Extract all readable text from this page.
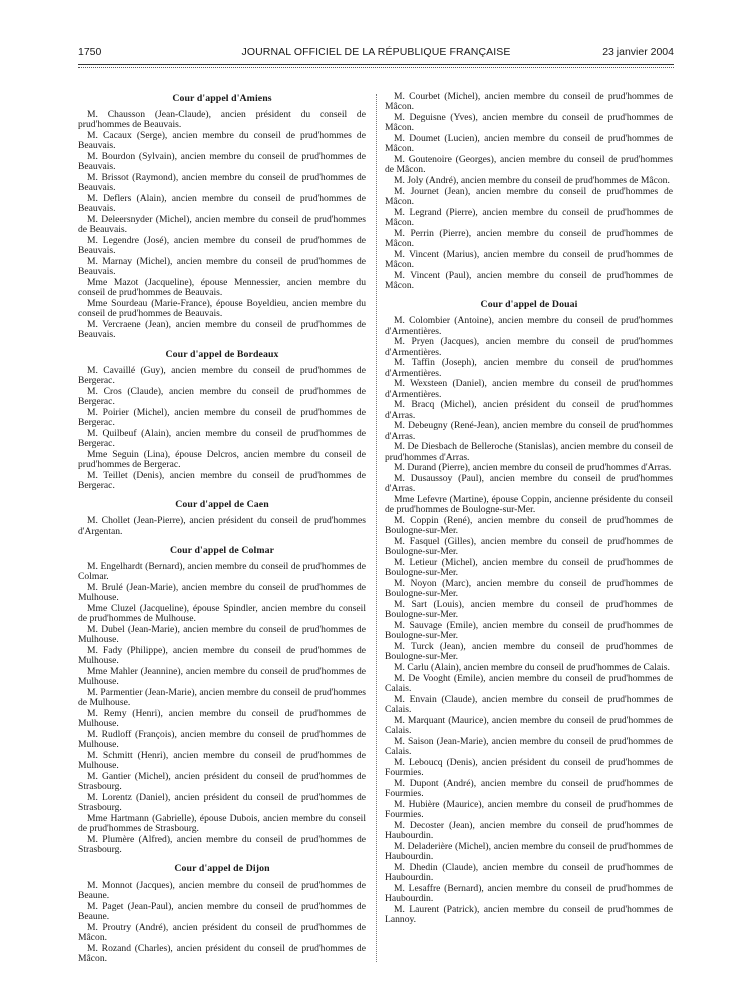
1750	JOURNAL OFFICIEL DE LA RÉPUBLIQUE FRANÇAISE	23 janvier 2004
Cour d'appel d'Amiens

M. Chausson (Jean-Claude), ancien président du conseil de prud'hommes de Beauvais.

M. Cacaux (Serge), ancien membre du conseil de prud'hommes de Beauvais.

M. Bourdon (Sylvain), ancien membre du conseil de prud'hommes de Beauvais.

M. Brissot (Raymond), ancien membre du conseil de prud'hommes de Beauvais.

M. Deflers (Alain), ancien membre du conseil de prud'hommes de Beauvais.

M. Deleersnyder (Michel), ancien membre du conseil de prud'hommes de Beauvais.

M. Legendre (José), ancien membre du conseil de prud'hommes de Beauvais.

M. Marnay (Michel), ancien membre du conseil de prud'hommes de Beauvais.

Mme Mazot (Jacqueline), épouse Mennessier, ancien membre du conseil de prud'hommes de Beauvais.

Mme Sourdeau (Marie-France), épouse Boyeldieu, ancien membre du conseil de prud'hommes de Beauvais.

M. Vercraene (Jean), ancien membre du conseil de prud'hommes de Beauvais.

Cour d'appel de Bordeaux

M. Cavaillé (Guy), ancien membre du conseil de prud'hommes de Bergerac.

M. Cros (Claude), ancien membre du conseil de prud'hommes de Bergerac.

M. Poirier (Michel), ancien membre du conseil de prud'hommes de Bergerac.

M. Quilbeuf (Alain), ancien membre du conseil de prud'hommes de Bergerac.

Mme Seguin (Lina), épouse Delcros, ancien membre du conseil de prud'hommes de Bergerac.

M. Teillet (Denis), ancien membre du conseil de prud'hommes de Bergerac.

Cour d'appel de Caen

M. Chollet (Jean-Pierre), ancien président du conseil de prud'hommes d'Argentan.

Cour d'appel de Colmar

M. Engelhardt (Bernard), ancien membre du conseil de prud'hommes de Colmar.

M. Brulé (Jean-Marie), ancien membre du conseil de prud'hommes de Mulhouse.

Mme Cluzel (Jacqueline), épouse Spindler, ancien membre du conseil de prud'hommes de Mulhouse.

M. Dubel (Jean-Marie), ancien membre du conseil de prud'hommes de Mulhouse.

M. Fady (Philippe), ancien membre du conseil de prud'hommes de Mulhouse.

Mme Mahler (Jeannine), ancien membre du conseil de prud'hommes de Mulhouse.

M. Parmentier (Jean-Marie), ancien membre du conseil de prud'hommes de Mulhouse.

M. Remy (Henri), ancien membre du conseil de prud'hommes de Mulhouse.

M. Rudloff (François), ancien membre du conseil de prud'hommes de Mulhouse.

M. Schmitt (Henri), ancien membre du conseil de prud'hommes de Mulhouse.

M. Gantier (Michel), ancien président du conseil de prud'hommes de Strasbourg.

M. Lorentz (Daniel), ancien président du conseil de prud'hommes de Strasbourg.

Mme Hartmann (Gabrielle), épouse Dubois, ancien membre du conseil de prud'hommes de Strasbourg.

M. Plumère (Alfred), ancien membre du conseil de prud'hommes de Strasbourg.

Cour d'appel de Dijon

M. Monnot (Jacques), ancien membre du conseil de prud'hommes de Beaune.

M. Paget (Jean-Paul), ancien membre du conseil de prud'hommes de Beaune.

M. Proutry (André), ancien président du conseil de prud'hommes de Mâcon.

M. Rozand (Charles), ancien président du conseil de prud'hommes de Mâcon.

M. Courbet (Michel), ancien membre du conseil de prud'hommes de Mâcon.

M. Deguisne (Yves), ancien membre du conseil de prud'hommes de Mâcon.

M. Doumet (Lucien), ancien membre du conseil de prud'hommes de Mâcon.

M. Goutenoire (Georges), ancien membre du conseil de prud'hommes de Mâcon.

M. Joly (André), ancien membre du conseil de prud'hommes de Mâcon.

M. Journet (Jean), ancien membre du conseil de prud'hommes de Mâcon.

M. Legrand (Pierre), ancien membre du conseil de prud'hommes de Mâcon.

M. Perrin (Pierre), ancien membre du conseil de prud'hommes de Mâcon.

M. Vincent (Marius), ancien membre du conseil de prud'hommes de Mâcon.

M. Vincent (Paul), ancien membre du conseil de prud'hommes de Mâcon.

Cour d'appel de Douai

M. Colombier (Antoine), ancien membre du conseil de prud'hommes d'Armentières.

M. Pryen (Jacques), ancien membre du conseil de prud'hommes d'Armentières.

M. Taffin (Joseph), ancien membre du conseil de prud'hommes d'Armentières.

M. Wexsteen (Daniel), ancien membre du conseil de prud'hommes d'Armentières.

M. Bracq (Michel), ancien président du conseil de prud'hommes d'Arras.

M. Debeugny (René-Jean), ancien membre du conseil de prud'hommes d'Arras.

M. De Diesbach de Belleroche (Stanislas), ancien membre du conseil de prud'hommes d'Arras.

M. Durand (Pierre), ancien membre du conseil de prud'hommes d'Arras.

M. Dusaussoy (Paul), ancien membre du conseil de prud'hommes d'Arras.

Mme Lefevre (Martine), épouse Coppin, ancienne présidente du conseil de prud'hommes de Boulogne-sur-Mer.

M. Coppin (René), ancien membre du conseil de prud'hommes de Boulogne-sur-Mer.

M. Fasquel (Gilles), ancien membre du conseil de prud'hommes de Boulogne-sur-Mer.

M. Letieur (Michel), ancien membre du conseil de prud'hommes de Boulogne-sur-Mer.

M. Noyon (Marc), ancien membre du conseil de prud'hommes de Boulogne-sur-Mer.

M. Sart (Louis), ancien membre du conseil de prud'hommes de Boulogne-sur-Mer.

M. Sauvage (Emile), ancien membre du conseil de prud'hommes de Boulogne-sur-Mer.

M. Turck (Jean), ancien membre du conseil de prud'hommes de Boulogne-sur-Mer.

M. Carlu (Alain), ancien membre du conseil de prud'hommes de Calais.

M. De Vooght (Emile), ancien membre du conseil de prud'hommes de Calais.

M. Envain (Claude), ancien membre du conseil de prud'hommes de Calais.

M. Marquant (Maurice), ancien membre du conseil de prud'hommes de Calais.

M. Saison (Jean-Marie), ancien membre du conseil de prud'hommes de Calais.

M. Leboucq (Denis), ancien président du conseil de prud'hommes de Fourmies.

M. Dupont (André), ancien membre du conseil de prud'hommes de Fourmies.

M. Hubière (Maurice), ancien membre du conseil de prud'hommes de Fourmies.

M. Decoster (Jean), ancien membre du conseil de prud'hommes de Haubourdin.

M. Deladerière (Michel), ancien membre du conseil de prud'hommes de Haubourdin.

M. Dhedin (Claude), ancien membre du conseil de prud'hommes de Haubourdin.

M. Lesaffre (Bernard), ancien membre du conseil de prud'hommes de Haubourdin.

M. Laurent (Patrick), ancien membre du conseil de prud'hommes de Lannoy.
